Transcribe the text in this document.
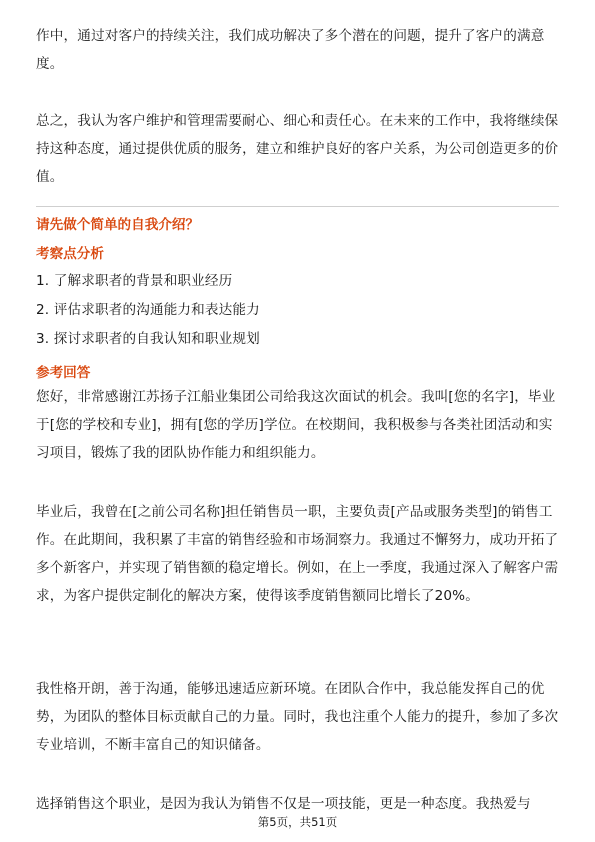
作中，通过对客户的持续关注，我们成功解决了多个潜在的问题，提升了客户的满意度。

总之，我认为客户维护和管理需要耐心、细心和责任心。在未来的工作中，我将继续保持这种态度，通过提供优质的服务，建立和维护良好的客户关系，为公司创造更多的价值。

请先做个简单的自我介绍？
考察点分析
1. 了解求职者的背景和职业经历
2. 评估求职者的沟通能力和表达能力
3. 探讨求职者的自我认知和职业规划
参考回答

您好，非常感谢江苏扬子江船业集团公司给我这次面试的机会。我叫[您的名字]，毕业于[您的学校和专业]，拥有[您的学历]学位。在校期间，我积极参与各类社团活动和实习项目，锻炼了我的团队协作能力和组织能力。

毕业后，我曾在[之前公司名称]担任销售员一职，主要负责[产品或服务类型]的销售工作。在此期间，我积累了丰富的销售经验和市场洞察力。我通过不懈努力，成功开拓了多个新客户，并实现了销售额的稳定增长。例如，在上一季度，我通过深入了解客户需求，为客户提供定制化的解决方案，使得该季度销售额同比增长了20%。

我性格开朗，善于沟通，能够迅速适应新环境。在团队合作中，我总能发挥自己的优势，为团队的整体目标贡献自己的力量。同时，我也注重个人能力的提升，参加了多次专业培训，不断丰富自己的知识储备。

选择销售这个职业，是因为我认为销售不仅是一项技能，更是一种态度。我热爱与

第5页，共51页
